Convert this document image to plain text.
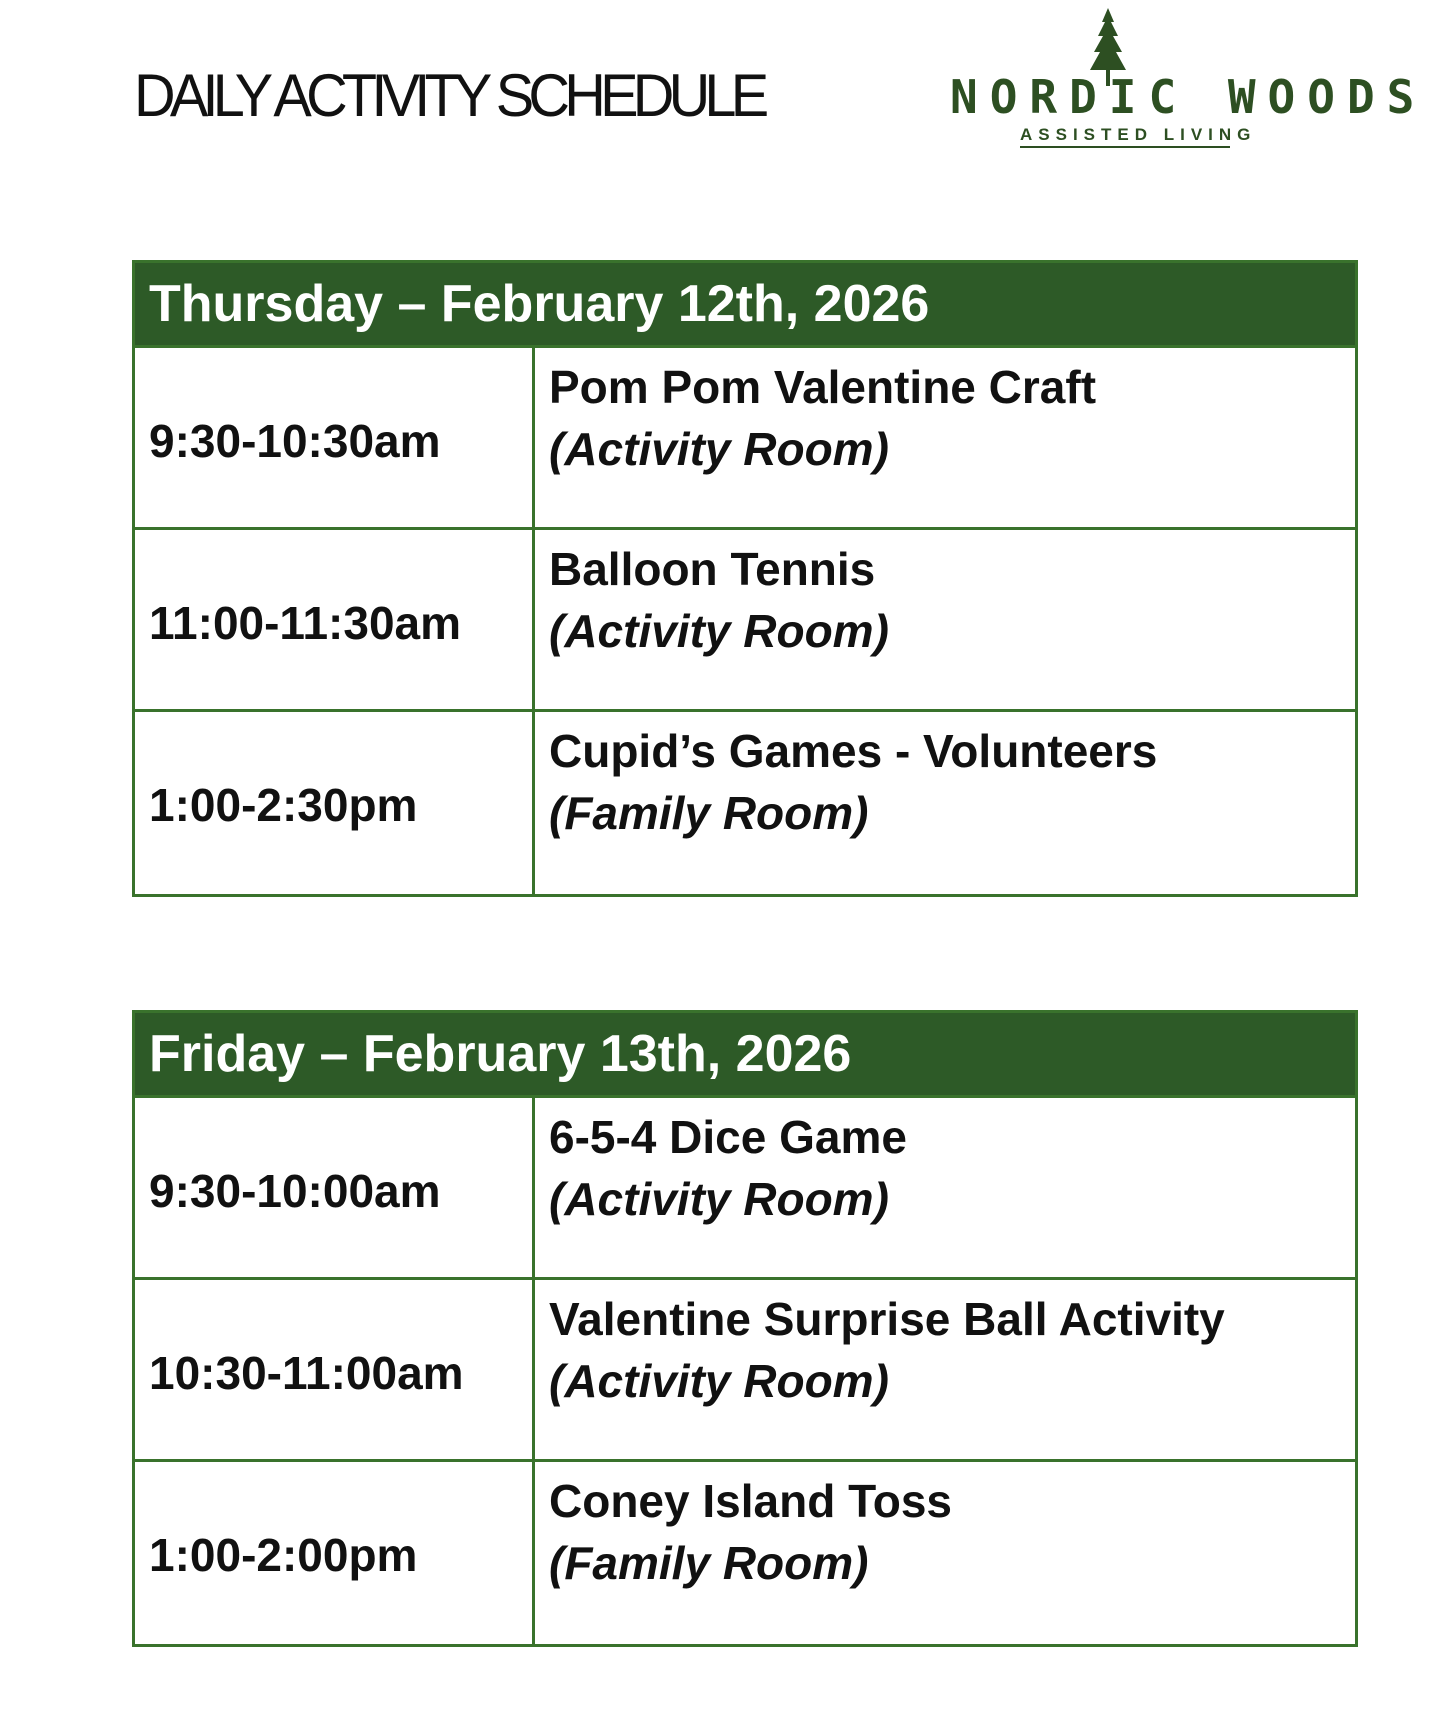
DAILY ACTIVITY SCHEDULE	NORDIC WOODS
ASSISTED LIVING
Thursday – February 12th, 2026
9:30-10:30am
Pom Pom Valentine Craft
(Activity Room)
11:00-11:30am
Balloon Tennis
(Activity Room)
1:00-2:30pm
Cupid’s Games - Volunteers
(Family Room)
Friday – February 13th, 2026
9:30-10:00am
6-5-4 Dice Game
(Activity Room)
10:30-11:00am
Valentine Surprise Ball Activity
(Activity Room)
1:00-2:00pm
Coney Island Toss
(Family Room)
